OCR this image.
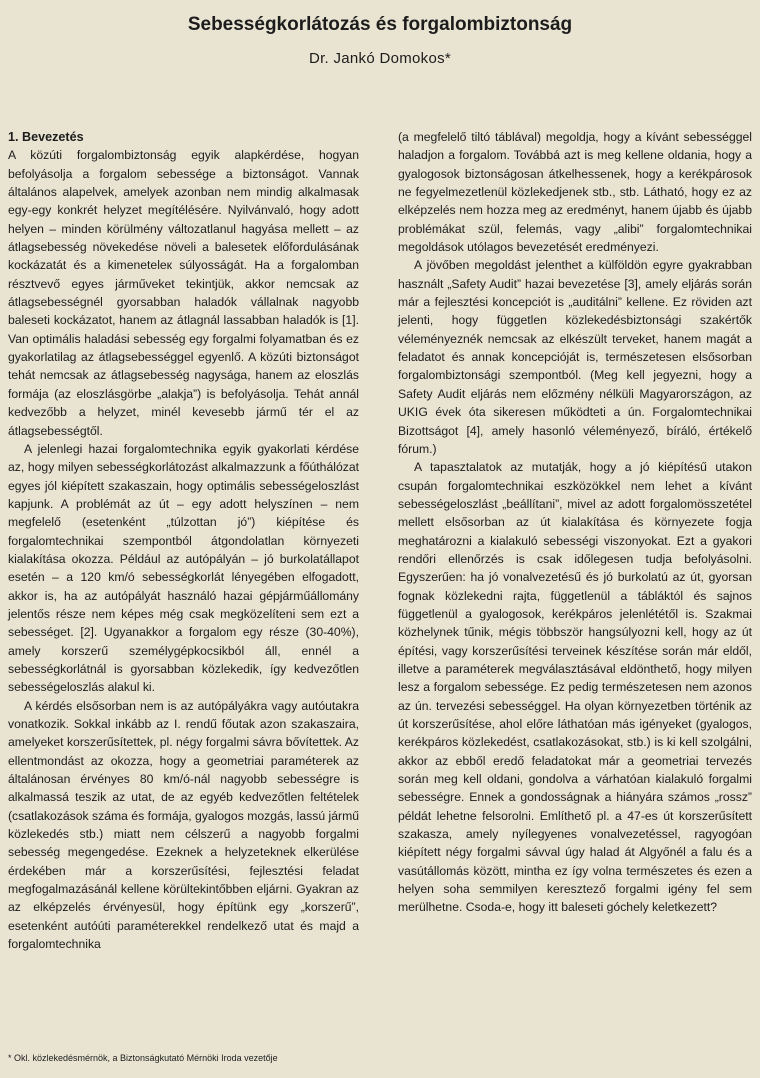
Sebességkorlátozás és forgalombiztonság
Dr. Jankó Domokos*
1. Bevezetés

A közúti forgalombiztonság egyik alapkérdése, hogyan befolyásolja a forgalom sebessége a biztonságot. Vannak általános alapelvek, amelyek azonban nem mindig alkalmasak egy-egy konkrét helyzet megítélésére. Nyilvánvaló, hogy adott helyen – minden körülmény változatlanul hagyása mellett – az átlagsebesség növekedése növeli a balesetek előfordulásának kockázatát és a kimeneteleк súlyosságát. Ha a forgalomban résztvevő egyes járműveket tekintjük, akkor nemcsak az átlagsebességnél gyorsabban haladók vállalnak nagyobb baleseti kockázatot, hanem az átlagnál lassabban haladók is [1]. Van optimális haladási sebesség egy forgalmi folyamatban és ez gyakorlatilag az átlagsebességgel egyenlő. A közúti biztonságot tehát nemcsak az átlagsebesség nagysága, hanem az eloszlás formája (az eloszlásgörbe „alakja”) is befolyásolja. Tehát annál kedvezőbb a helyzet, minél kevesebb jármű tér el az átlagsebességtől.

A jelenlegi hazai forgalomtechnika egyik gyakorlati kérdése az, hogy milyen sebességkorlátozást alkalmazzunk a főúthálózat egyes jól kiépített szakaszain, hogy optimális sebességeloszlást kapjunk. A problémát az út – egy adott helyszínen – nem megfelelő (esetenként „túlzottan jó”) kiépítése és forgalomtechnikai szempontból átgondolatlan környezeti kialakítása okozza. Például az autópályán – jó burkolatállapot esetén – a 120 km/ó sebességkorlát lényegében elfogadott, akkor is, ha az autópályát használó hazai gépjárműállomány jelentős része nem képes még csak megközelíteni sem ezt a sebességet. [2]. Ugyanakkor a forgalom egy része (30-40%), amely korszerű személygépkocsikból áll, ennél a sebességkorlátnál is gyorsabban közlekedik, így kedvezőtlen sebességeloszlás alakul ki.

A kérdés elsősorban nem is az autópályákra vagy autóutakra vonatkozik. Sokkal inkább az I. rendű főutak azon szakaszaira, amelyeket korszerűsítettek, pl. négy forgalmi sávra bővítettek. Az ellentmondást az okozza, hogy a geometriai paraméterek az általánosan érvényes 80 km/ó-nál nagyobb sebességre is alkalmassá teszik az utat, de az egyéb kedvezőtlen feltételek (csatlakozások száma és formája, gyalogos mozgás, lassú jármű közlekedés stb.) miatt nem célszerű a nagyobb forgalmi sebesség megengedése. Ezeknek a helyzeteknek elkerülése érdekében már a korszerűsítési, fejlesztési feladat megfogalmazásánál kellene körültekintőbben eljárni. Gyakran az az elképzelés érvényesül, hogy építünk egy „korszerű”, esetenként autóúti paraméterekkel rendelkező utat és majd a forgalomtechnika

(a megfelelő tiltó táblával) megoldja, hogy a kívánt sebességgel haladjon a forgalom. Továbbá azt is meg kellene oldania, hogy a gyalogosok biztonságosan átkelhessenek, hogy a kerékpárosok ne fegyelmezetlenül közlekedjenek stb., stb. Látható, hogy ez az elképzelés nem hozza meg az eredményt, hanem újabb és újabb problémákat szül, felemás, vagy „alibi” forgalomtechnikai megoldások utólagos bevezetését eredményezi.

A jövőben megoldást jelenthet a külföldön egyre gyakrabban használt „Safety Audit” hazai bevezetése [3], amely eljárás során már a fejlesztési koncepciót is „auditálni” kellene. Ez röviden azt jelenti, hogy független közlekedésbiztonsági szakértők véleményeznék nemcsak az elkészült terveket, hanem magát a feladatot és annak koncepcióját is, természetesen elsősorban forgalombiztonsági szempontból. (Meg kell jegyezni, hogy a Safety Audit eljárás nem előzmény nélküli Magyarországon, az UKIG évek óta sikeresen működteti a ún. Forgalomtechnikai Bizottságot [4], amely hasonló véleményező, bíráló, értékelő fórum.)

A tapasztalatok az mutatják, hogy a jó kiépítésű utakon csupán forgalomtechnikai eszközökkel nem lehet a kívánt sebességeloszlást „beállítani”, mivel az adott forgalomösszetétel mellett elsősorban az út kialakítása és környezete fogja meghatározni a kialakuló sebességi viszonyokat. Ezt a gyakori rendőri ellenőrzés is csak időlegesen tudja befolyásolni. Egyszerűen: ha jó vonalvezetésű és jó burkolatú az út, gyorsan fognak közlekedni rajta, függetlenül a tábláktól és sajnos függetlenül a gyalogosok, kerékpáros jelenlététől is. Szakmai közhelynek tűnik, mégis többször hangsúlyozni kell, hogy az út építési, vagy korszerűsítési terveinek készítése során már eldől, illetve a paraméterek megválasztásával eldönthető, hogy milyen lesz a forgalom sebessége. Ez pedig természetesen nem azonos az ún. tervezési sebességgel. Ha olyan környezetben történik az út korszerűsítése, ahol előre láthatóan más igényeket (gyalogos, kerékpáros közlekedést, csatlakozásokat, stb.) is ki kell szolgálni, akkor az ebből eredő feladatokat már a geometriai tervezés során meg kell oldani, gondolva a várhatóan kialakuló forgalmi sebességre. Ennek a gondosságnak a hiányára számos „rossz” példát lehetne felsorolni. Említhető pl. a 47-es út korszerűsített szakasza, amely nyílegyenes vonalvezetéssel, ragyogóan kiépített négy forgalmi sávval úgy halad át Algyőnél a falu és a vasútállomás között, mintha ez így volna természetes és ezen a helyen soha semmilyen keresztező forgalmi igény fel sem merülhetne. Csoda-e, hogy itt baleseti góchely keletkezett?

* Okl. közlekedésmérnök, a Biztonságkutató Mérnöki Iroda vezetője
